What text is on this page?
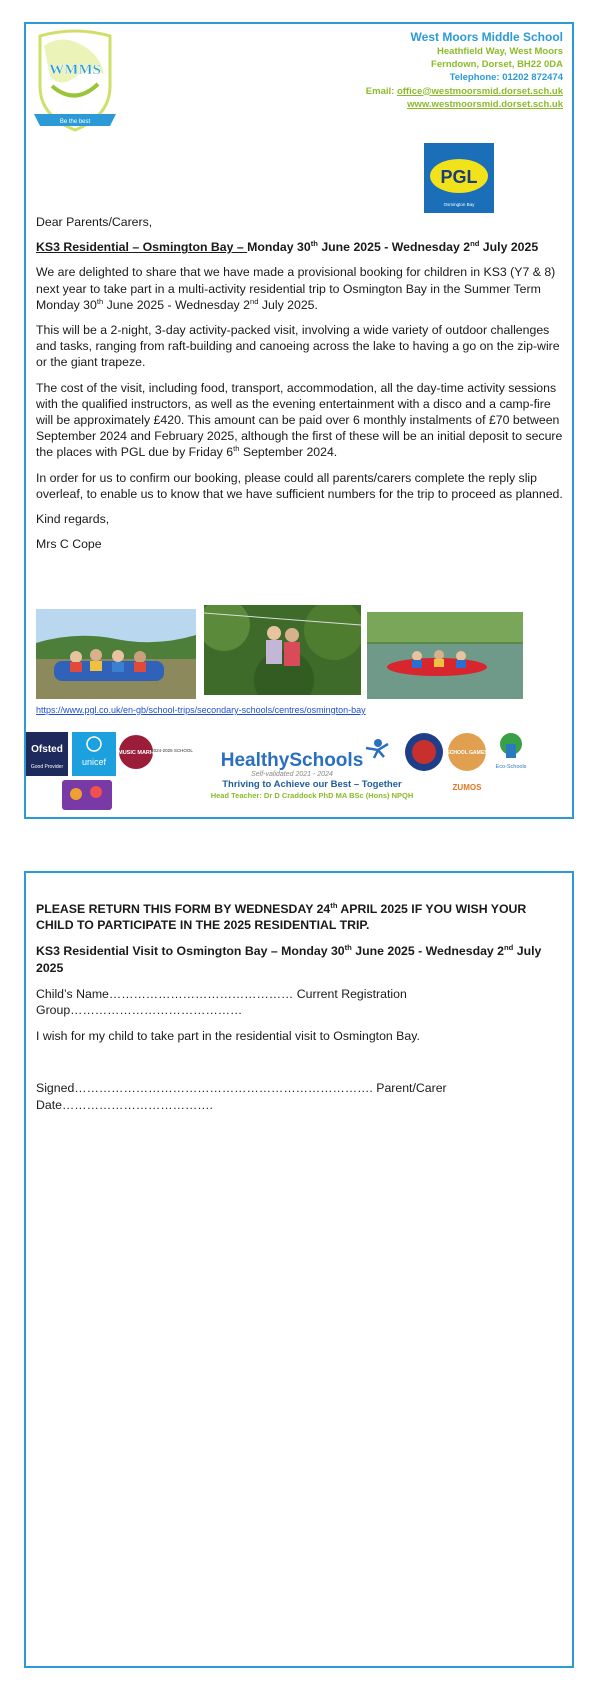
WMMS
Be the best
West Moors Middle School
Heathfield Way, West Moors
Ferndown, Dorset, BH22 0DA
Telephone: 01202 872474
Email: office@westmoorsmid.dorset.sch.uk
www.westmoorsmid.dorset.sch.uk
PGL
Osmington Bay

Dear Parents/Carers,

KS3 Residential – Osmington Bay – Monday 30th June 2025 - Wednesday 2nd July 2025

We are delighted to share that we have made a provisional booking for children in KS3 (Y7 & 8) next year to take part in a multi-activity residential trip to Osmington Bay in the Summer Term Monday 30th June 2025 - Wednesday 2nd July 2025.

This will be a 2-night, 3-day activity-packed visit, involving a wide variety of outdoor challenges and tasks, ranging from raft-building and canoeing across the lake to having a go on the zip-wire or the giant trapeze.

The cost of the visit, including food, transport, accommodation, all the day-time activity sessions with the qualified instructors, as well as the evening entertainment with a disco and a camp-fire will be approximately £420. This amount can be paid over 6 monthly instalments of £70 between September 2024 and February 2025, although the first of these will be an initial deposit to secure the places with PGL due by Friday 6th September 2024.

In order for us to confirm our booking, please could all parents/carers complete the reply slip overleaf, to enable us to know that we have sufficient numbers for the trip to proceed as planned.

Kind regards,

Mrs C Cope

https://www.pgl.co.uk/en-gb/school-trips/secondary-schools/centres/osmington-bay
Ofsted
Good Provider unicef
MUSIC MARK
2024-2025 SCHOOL HealthySchools
Self-validated 2021 - 2024
SCHOOL GAMES
Eco-Schools
ZUMOS
Thriving to Achieve our Best – Together
Head Teacher: Dr D Craddock PhD MA BSc (Hons) NPQH

PLEASE RETURN THIS FORM BY WEDNESDAY 24th APRIL 2025 IF YOU WISH YOUR CHILD TO PARTICIPATE IN THE 2025 RESIDENTIAL TRIP.

KS3 Residential Visit to Osmington Bay – Monday 30th June 2025 - Wednesday 2nd July 2025

Child’s Name……………………………………… Current Registration Group……………………………………

I wish for my child to take part in the residential visit to Osmington Bay.

Signed………………………………………………………………. Parent/Carer Date……………………………….
